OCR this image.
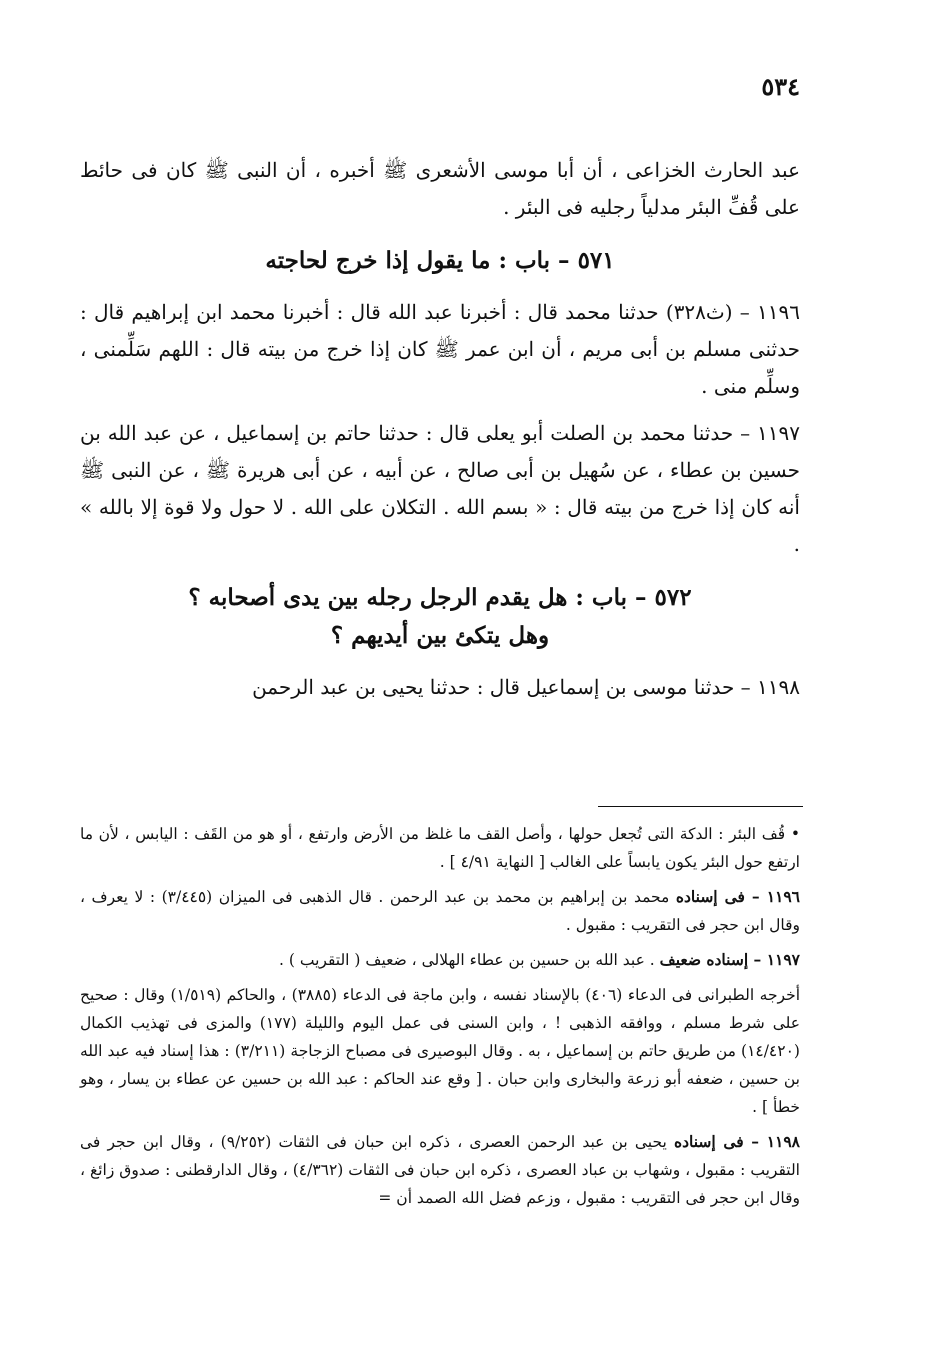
٥٣٤

عبد الحارث الخزاعى ، أن أبا موسى الأشعرى ﷺ أخبره ، أن النبى ﷺ كان فى حائط على قُفِّ البئر مدلياً رجليه فى البئر .

٥٧١ – باب : ما يقول إذا خرج لحاجته

١١٩٦ – (ث٣٢٨) حدثنا محمد قال : أخبرنا عبد الله قال : أخبرنا محمد ابن إبراهيم قال : حدثنى مسلم بن أبى مريم ، أن ابن عمر ﷺ كان إذا خرج من بيته قال : اللهم سَلِّمنى ، وسلِّم منى .

١١٩٧ – حدثنا محمد بن الصلت أبو يعلى قال : حدثنا حاتم بن إسماعيل ، عن عبد الله بن حسين بن عطاء ، عن سُهيل بن أبى صالح ، عن أبيه ، عن أبى هريرة ﷺ ، عن النبى ﷺ أنه كان إذا خرج من بيته قال : « بسم الله . التكلان على الله . لا حول ولا قوة إلا بالله » .

٥٧٢ – باب : هل يقدم الرجل رجله بين يدى أصحابه ؟
وهل يتكئ بين أيديهم ؟

١١٩٨ – حدثنا موسى بن إسماعيل قال : حدثنا يحيى بن عبد الرحمن

• قُف البئر : الدكة التى تُجعل حولها ، وأصل القف ما غلظ من الأرض وارتفع ، أو هو من القَف : اليابس ، لأن ما ارتفع حول البئر يكون يابساً على الغالب [ النهاية ٤/٩١ ] .

١١٩٦ – فى إسناده محمد بن إبراهيم بن محمد بن عبد الرحمن . قال الذهبى فى الميزان (٣/٤٤٥) : لا يعرف ، وقال ابن حجر فى التقريب : مقبول .

١١٩٧ – إسناده ضعيف . عبد الله بن حسين بن عطاء الهلالى ، ضعيف ( التقريب ) .

أخرجه الطبرانى فى الدعاء (٤٠٦) بالإسناد نفسه ، وابن ماجة فى الدعاء (٣٨٨٥) ، والحاكم (١/٥١٩) وقال : صحيح على شرط مسلم ، ووافقه الذهبى ! ، وابن السنى فى عمل اليوم والليلة (١٧٧) والمزى فى تهذيب الكمال (١٤/٤٢٠) من طريق حاتم بن إسماعيل ، به . وقال البوصيرى فى مصباح الزجاجة (٣/٢١١) : هذا إسناد فيه عبد الله بن حسين ، ضعفه أبو زرعة والبخارى وابن حبان . [ وقع عند الحاكم : عبد الله بن حسين عن عطاء بن يسار ، وهو خطأ ] .

١١٩٨ – فى إسناده يحيى بن عبد الرحمن العصرى ، ذكره ابن حبان فى الثقات (٩/٢٥٢) ، وقال ابن حجر فى التقريب : مقبول ، وشهاب بن عباد العصرى ، ذكره ابن حبان فى الثقات (٤/٣٦٢) ، وقال الدارقطنى : صدوق زائغ ، وقال ابن حجر فى التقريب : مقبول ، وزعم فضل الله الصمد أن =
